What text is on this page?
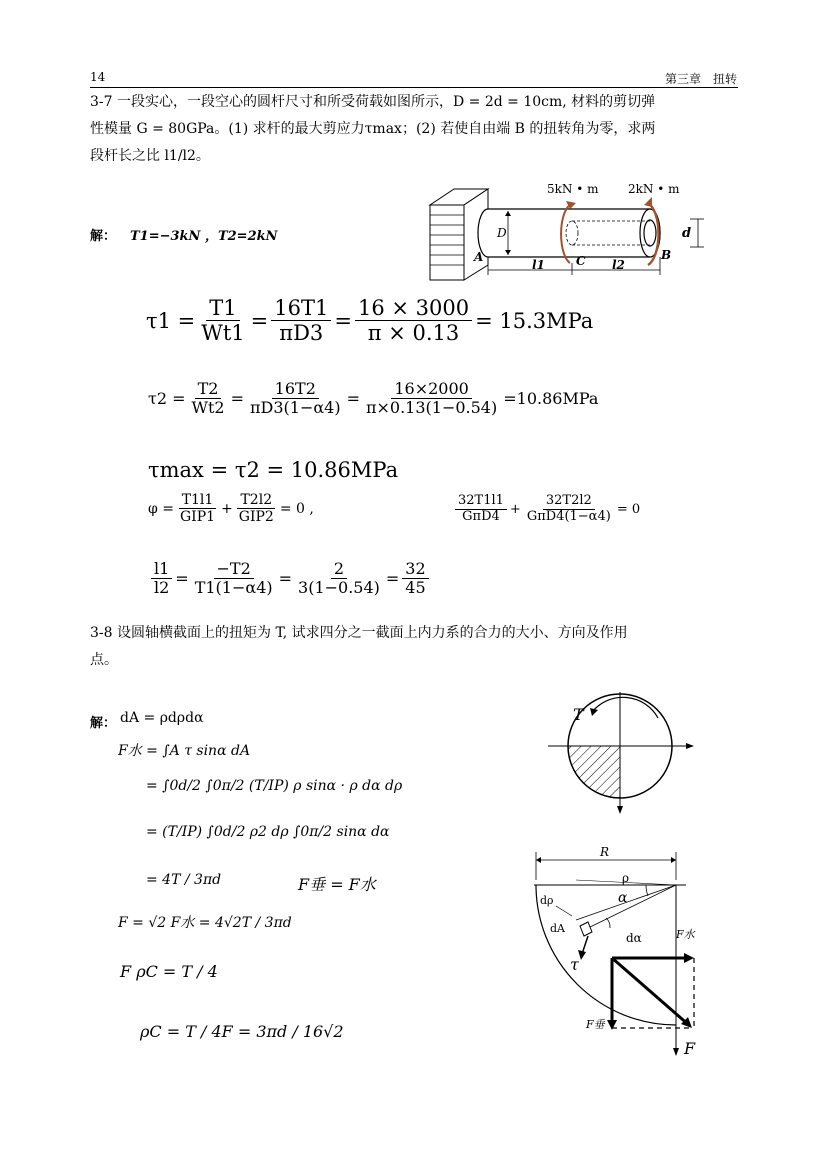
14	第三章　扭转
3-7 一段实心，一段空心的圆杆尺寸和所受荷载如图所示，D = 2d = 10cm, 材料的剪切弹
性模量 G = 80GPa。(1) 求杆的最大剪应力τmax；(2) 若使自由端 B 的扭转角为零，求两
段杆长之比 l1/l2。
解： T1=−3kN ，T2=2kN
5kN • m 2kN • m
D	d
A	C	B
l1	l2
$\tau 1 = \frac{T1}{Wt1} = \frac{16T1}{\pi D3} = \frac{16 \times 3000}{\pi \times 0.13} = 15.3MPa$
$\tau 2 = \frac{T2}{Wt2} = \frac{16T2}{\pi D3(1-\alpha 4)} = \frac{16\times 2000}{\pi\times 0.13(1-0.54)} =10.86MPa$
τmax = τ2 = 10.86MPa
$\varphi = \frac{T1l1}{\text{GIP1}} + \frac{T2l2}{\text{GIP2}} = 0$ ,	$\frac{32T1l1}{\text{GπD4}} + \frac{32T2l2}{\text{GπD4(1−α4)}} = 0$
$\frac{l1}{l2} = \frac{-T2}{T1(1-\alpha 4)} = \frac{2}{3(1-0.54)} = \frac{32}{45}$
3-8 设圆轴横截面上的扭矩为 T, 试求四分之一截面上内力系的合力的大小、方向及作用
点。
解： dA = ρdρdα
F水 = ∫A τ sinα dA
= ∫0d/2 ∫0π/2 (T/IP) ρ sinα · ρ dα dρ
= (T/IP) ∫0d/2 ρ2 dρ ∫0π/2 sinα dα
= 4T / 3πd	F垂 = F水
F = √2 F水 = 4√2T / 3πd
F ρC = T / 4
ρC = T / 4F = 3πd / 16√2
T
R
ρ
α
dρ
dA
dα
τ
F水
F垂
F
